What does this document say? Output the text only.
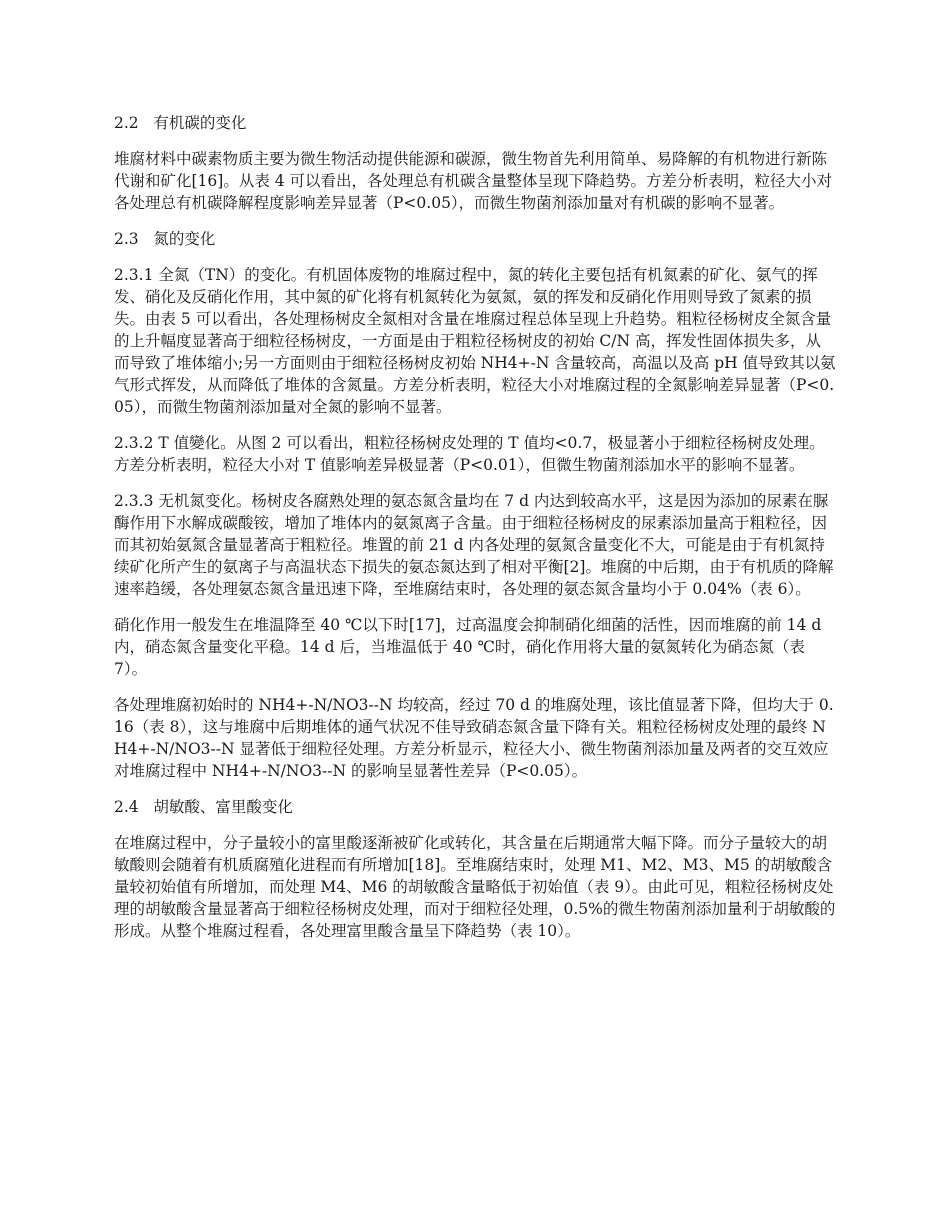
2.2   有机碳的变化

堆腐材料中碳素物质主要为微生物活动提供能源和碳源，微生物首先利用简单、易降解的有机物进行新陈代谢和矿化[16]。从表 4 可以看出，各处理总有机碳含量整体呈现下降趋势。方差分析表明，粒径大小对各处理总有机碳降解程度影响差异显著（P<0.05），而微生物菌剂添加量对有机碳的影响不显著。

2.3   氮的变化

2.3.1 全氮（TN）的变化。有机固体废物的堆腐过程中，氮的转化主要包括有机氮素的矿化、氨气的挥发、硝化及反硝化作用，其中氮的矿化将有机氮转化为氨氮，氨的挥发和反硝化作用则导致了氮素的损失。由表 5 可以看出，各处理杨树皮全氮相对含量在堆腐过程总体呈现上升趋势。粗粒径杨树皮全氮含量的上升幅度显著高于细粒径杨树皮，一方面是由于粗粒径杨树皮的初始 C/N 高，挥发性固体损失多，从而导致了堆体缩小;另一方面则由于细粒径杨树皮初始 NH4+-N 含量较高，高温以及高 pH 值导致其以氨气形式挥发，从而降低了堆体的含氮量。方差分析表明，粒径大小对堆腐过程的全氮影响差异显著（P<0.05），而微生物菌剂添加量对全氮的影响不显著。

2.3.2 T 值變化。从图 2 可以看出，粗粒径杨树皮处理的 T 值均<0.7，极显著小于细粒径杨树皮处理。方差分析表明，粒径大小对 T 值影响差异极显著（P<0.01），但微生物菌剂添加水平的影响不显著。

2.3.3 无机氮变化。杨树皮各腐熟处理的氨态氮含量均在 7 d 内达到较高水平，这是因为添加的尿素在脲酶作用下水解成碳酸铵，增加了堆体内的氨氮离子含量。由于细粒径杨树皮的尿素添加量高于粗粒径，因而其初始氨氮含量显著高于粗粒径。堆置的前 21 d 内各处理的氨氮含量变化不大，可能是由于有机氮持续矿化所产生的氨离子与高温状态下损失的氨态氮达到了相对平衡[2]。堆腐的中后期，由于有机质的降解速率趋缓，各处理氨态氮含量迅速下降，至堆腐结束时，各处理的氨态氮含量均小于 0.04%（表 6）。

硝化作用一般发生在堆温降至 40 ℃以下时[17]，过高温度会抑制硝化细菌的活性，因而堆腐的前 14 d 内，硝态氮含量变化平稳。14 d 后，当堆温低于 40 ℃时，硝化作用将大量的氨氮转化为硝态氮（表 7）。

各处理堆腐初始时的 NH4+-N/NO3--N 均较高，经过 70 d 的堆腐处理，该比值显著下降，但均大于 0.16（表 8），这与堆腐中后期堆体的通气状况不佳导致硝态氮含量下降有关。粗粒径杨树皮处理的最终 NH4+-N/NO3--N 显著低于细粒径处理。方差分析显示，粒径大小、微生物菌剂添加量及两者的交互效应对堆腐过程中 NH4+-N/NO3--N 的影响呈显著性差异（P<0.05）。

2.4   胡敏酸、富里酸变化

在堆腐过程中，分子量较小的富里酸逐渐被矿化或转化，其含量在后期通常大幅下降。而分子量较大的胡敏酸则会随着有机质腐殖化进程而有所增加[18]。至堆腐结束时，处理 M1、M2、M3、M5 的胡敏酸含量较初始值有所增加，而处理 M4、M6 的胡敏酸含量略低于初始值（表 9）。由此可见，粗粒径杨树皮处理的胡敏酸含量显著高于细粒径杨树皮处理，而对于细粒径处理，0.5%的微生物菌剂添加量利于胡敏酸的形成。从整个堆腐过程看，各处理富里酸含量呈下降趋势（表 10）。
